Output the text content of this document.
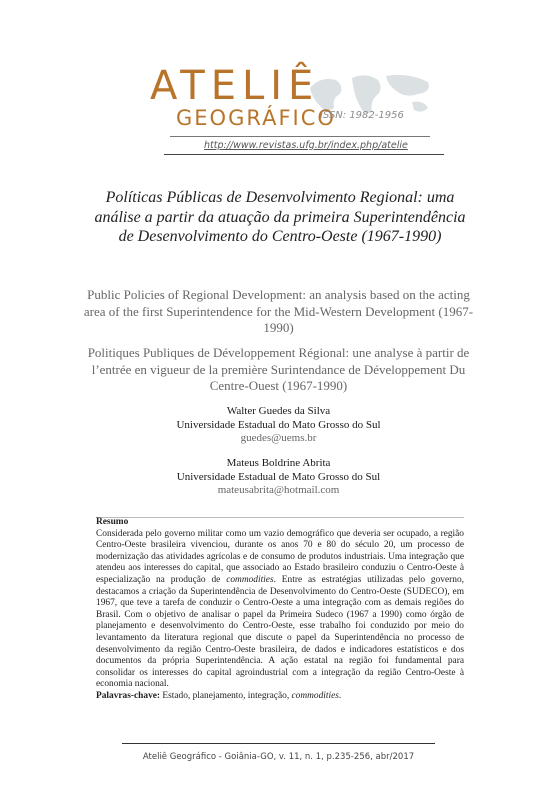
ATELIÊ
GEOGRÁFICO
ISSN: 1982-1956
http://www.revistas.ufg.br/index.php/atelie
Políticas Públicas de Desenvolvimento Regional: uma análise a partir da atuação da primeira Superintendência de Desenvolvimento do Centro-Oeste (1967-1990)
Public Policies of Regional Development: an analysis based on the acting area of the first Superintendence for the Mid-Western Development (1967-1990)
Politiques Publiques de Développement Régional: une analyse à partir de l’entrée en vigueur de la première Surintendance de Développement Du Centre-Ouest (1967-1990)
Walter Guedes da Silva
Universidade Estadual do Mato Grosso do Sul
guedes@uems.br
Mateus Boldrine Abrita
Universidade Estadual de Mato Grosso do Sul
mateusabrita@hotmail.com

Resumo

Considerada pelo governo militar como um vazio demográfico que deveria ser ocupado, a região Centro-Oeste brasileira vivenciou, durante os anos 70 e 80 do século 20, um processo de modernização das atividades agrícolas e de consumo de produtos industriais. Uma integração que atendeu aos interesses do capital, que associado ao Estado brasileiro conduziu o Centro-Oeste à especialização na produção de commodities. Entre as estratégias utilizadas pelo governo, destacamos a criação da Superintendência de Desenvolvimento do Centro-Oeste (SUDECO), em 1967, que teve a tarefa de conduzir o Centro-Oeste a uma integração com as demais regiões do Brasil. Com o objetivo de analisar o papel da Primeira Sudeco (1967 a 1990) como órgão de planejamento e desenvolvimento do Centro-Oeste, esse trabalho foi conduzido por meio do levantamento da literatura regional que discute o papel da Superintendência no processo de desenvolvimento da região Centro-Oeste brasileira, de dados e indicadores estatísticos e dos documentos da própria Superintendência. A ação estatal na região foi fundamental para consolidar os interesses do capital agroindustrial com a integração da região Centro-Oeste à economia nacional.

Palavras-chave: Estado, planejamento, integração, commodities.

Ateliê Geográfico - Goiânia-GO, v. 11, n. 1, p.235-256, abr/2017
